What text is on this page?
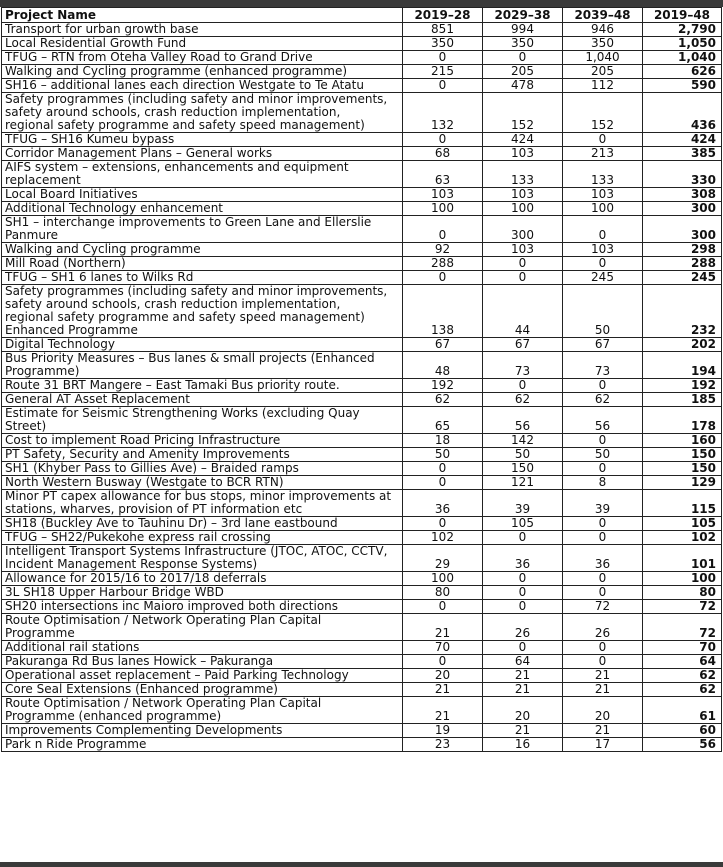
Project Name	2019–28	2029–38	2039–48	2019–48
Transport for urban growth base	851	994	946	2,790
Local Residential Growth Fund	350	350	350	1,050
TFUG – RTN from Oteha Valley Road to Grand Drive	0	0	1,040	1,040
Walking and Cycling programme (enhanced programme)	215	205	205	626
SH16 – additional lanes each direction Westgate to Te Atatu	0	478	112	590
Safety programmes (including safety and minor improvements, safety around schools, crash reduction implementation, regional safety programme and safety speed management)	132	152	152	436
TFUG – SH16 Kumeu bypass	0	424	0	424
Corridor Management Plans – General works	68	103	213	385
AIFS system – extensions, enhancements and equipment replacement	63	133	133	330
Local Board Initiatives	103	103	103	308
Additional Technology enhancement	100	100	100	300
SH1 – interchange improvements to Green Lane and Ellerslie Panmure	0	300	0	300
Walking and Cycling programme	92	103	103	298
Mill Road (Northern)	288	0	0	288
TFUG – SH1 6 lanes to Wilks Rd	0	0	245	245
Safety programmes (including safety and minor improvements, safety around schools, crash reduction implementation, regional safety programme and safety speed management) Enhanced Programme	138	44	50	232
Digital Technology	67	67	67	202
Bus Priority Measures – Bus lanes & small projects (Enhanced Programme)	48	73	73	194
Route 31 BRT Mangere – East Tamaki Bus priority route.	192	0	0	192
General AT Asset Replacement	62	62	62	185
Estimate for Seismic Strengthening Works (excluding Quay Street)	65	56	56	178
Cost to implement Road Pricing Infrastructure	18	142	0	160
PT Safety, Security and Amenity Improvements	50	50	50	150
SH1 (Khyber Pass to Gillies Ave) – Braided ramps	0	150	0	150
North Western Busway (Westgate to BCR RTN)	0	121	8	129
Minor PT capex allowance for bus stops, minor improvements at stations, wharves, provision of PT information etc	36	39	39	115
SH18 (Buckley Ave to Tauhinu Dr) – 3rd lane eastbound	0	105	0	105
TFUG – SH22/Pukekohe express rail crossing	102	0	0	102
Intelligent Transport Systems Infrastructure (JTOC, ATOC, CCTV, Incident Management Response Systems)	29	36	36	101
Allowance for 2015/16 to 2017/18 deferrals	100	0	0	100
3L SH18 Upper Harbour Bridge WBD	80	0	0	80
SH20 intersections inc Maioro improved both directions	0	0	72	72
Route Optimisation / Network Operating Plan Capital Programme	21	26	26	72
Additional rail stations	70	0	0	70
Pakuranga Rd Bus lanes Howick – Pakuranga	0	64	0	64
Operational asset replacement – Paid Parking Technology	20	21	21	62
Core Seal Extensions (Enhanced programme)	21	21	21	62
Route Optimisation / Network Operating Plan Capital Programme (enhanced programme)	21	20	20	61
Improvements Complementing Developments	19	21	21	60
Park n Ride Programme	23	16	17	56
